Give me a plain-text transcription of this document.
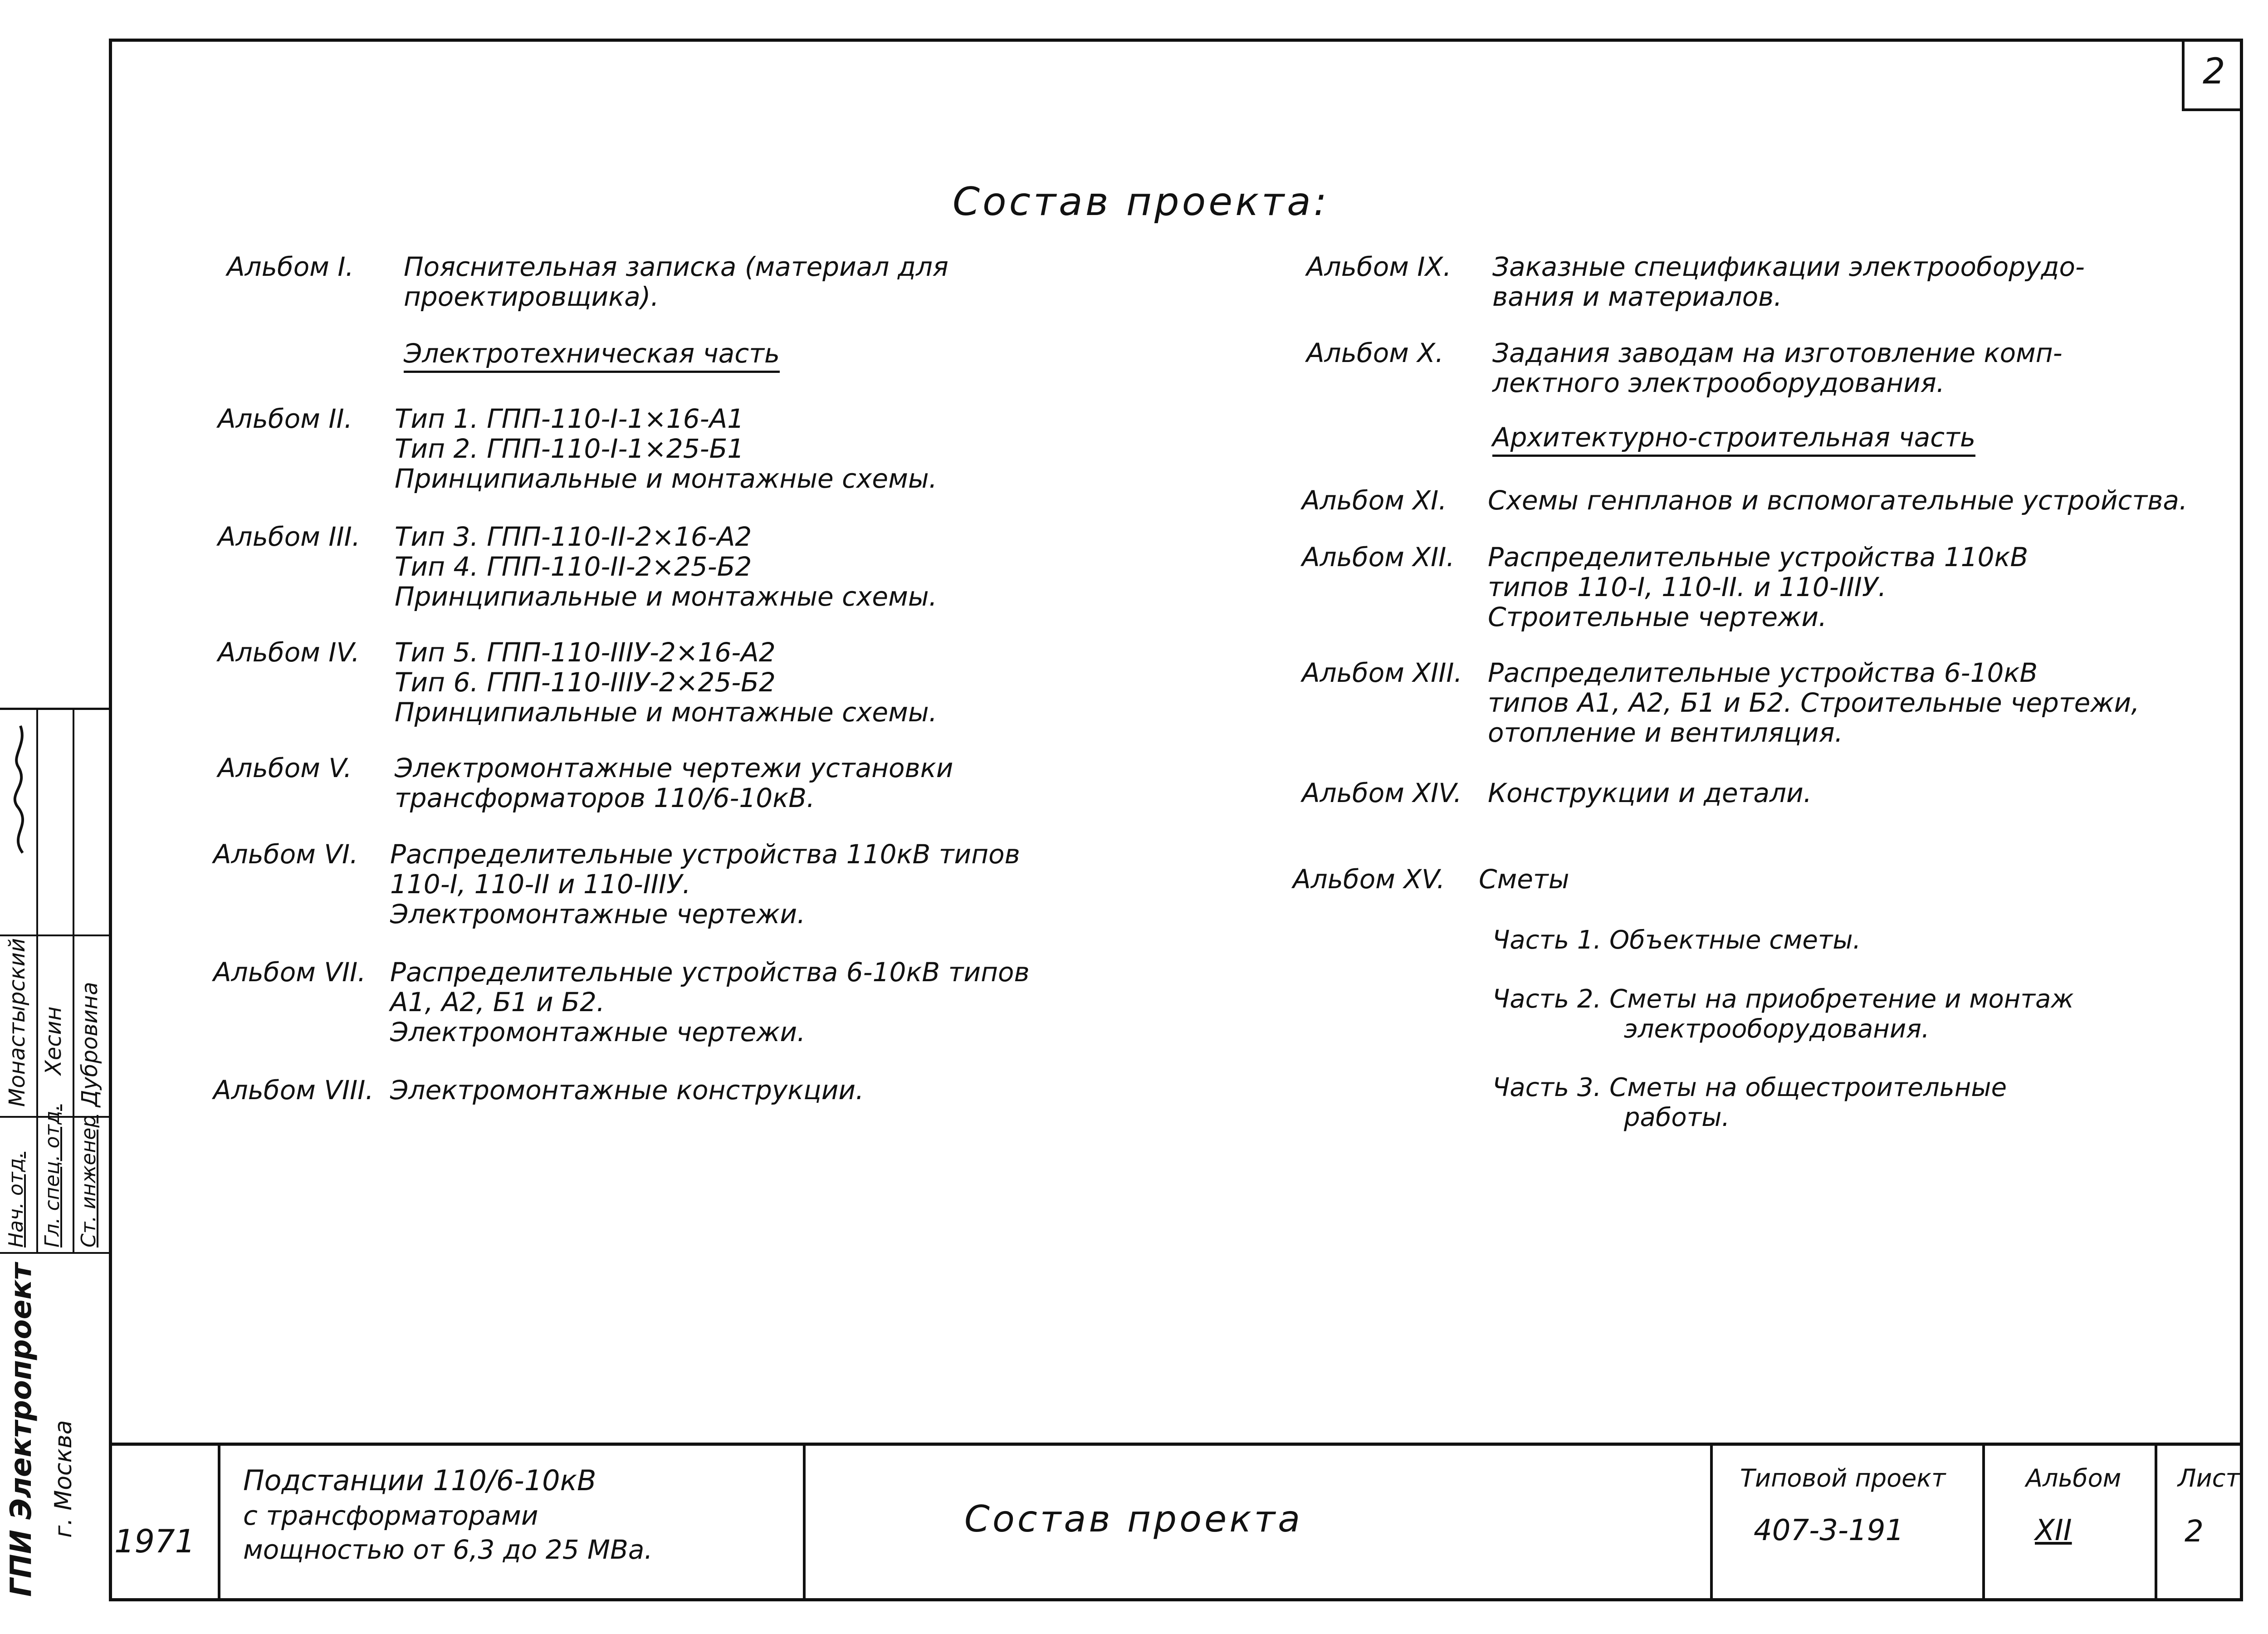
2
Состав проекта:
Альбом I. Пояснительная записка (материал для
проектировщика).
Альбом II. Тип 1. ГПП-110-I-1×16-А1
Тип 2. ГПП-110-I-1×25-Б1
Принципиальные и монтажные схемы.
Альбом III. Тип 3. ГПП-110-II-2×16-А2
Тип 4. ГПП-110-II-2×25-Б2
Принципиальные и монтажные схемы.
Альбом IV. Тип 5. ГПП-110-IIIУ-2×16-А2
Тип 6. ГПП-110-IIIУ-2×25-Б2
Принципиальные и монтажные схемы.
Альбом V. Электромонтажные чертежи установки
трансформаторов 110/6-10кВ.
Альбом VI. Распределительные устройства 110кВ типов
110-I, 110-II и 110-IIIУ.
Электромонтажные чертежи.
Альбом VII. Распределительные устройства 6-10кВ типов
А1, А2, Б1 и Б2.
Электромонтажные чертежи.
Альбом VIII. Электромонтажные конструкции.
Альбом IX. Заказные спецификации электрооборудо-
вания и материалов.
Альбом X. Задания заводам на изготовление комп-
лектного электрооборудования.
Альбом XI. Схемы генпланов и вспомогательные устройства.
Альбом XII. Распределительные устройства 110кВ
типов 110-I, 110-II. и 110-IIIУ.
Строительные чертежи.
Альбом XIII. Распределительные устройства 6-10кВ
типов А1, А2, Б1 и Б2. Строительные чертежи,
отопление и вентиляция.
Альбом XIV. Конструкции и детали.
Альбом XV. Сметы
1971
Подстанции 110/6-10кВ
с трансформаторами
мощностью от 6,3 до 25 МВа.
Состав проекта
Типовой проект
407-3-191
Альбом
XII
Лист
2
Монастырский Хесин Дубровина
Нач. отд. Гл. спец. отд. Ст. инженер
ГПИ Электропроект г. Москва
Электротехническая часть
Архитектурно-строительная часть
Часть 1. Объектные сметы.
Часть 2. Сметы на приобретение и монтаж
электрооборудования.
Часть 3. Сметы на общестроительные
работы.
